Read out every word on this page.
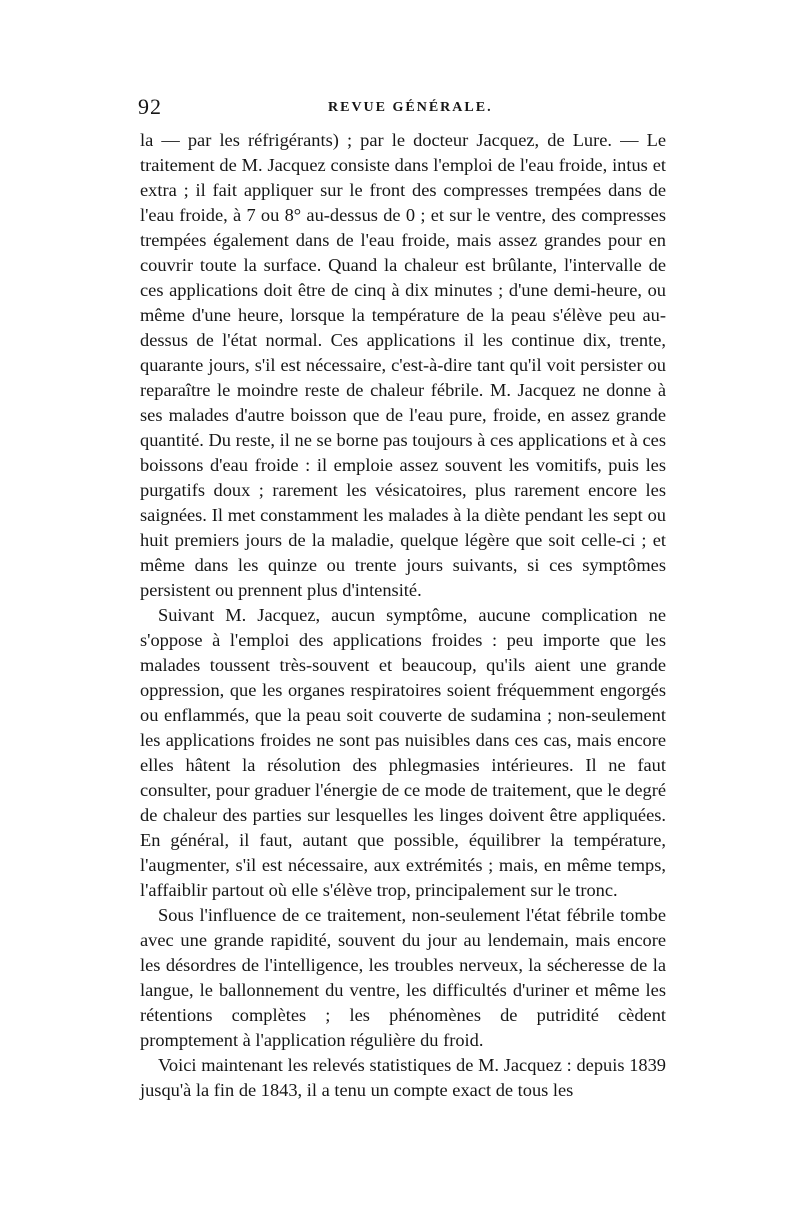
92	REVUE GÉNÉRALE.

la — par les réfrigérants) ; par le docteur Jacquez, de Lure. — Le traitement de M. Jacquez consiste dans l'emploi de l'eau froide, intus et extra ; il fait appliquer sur le front des compresses trempées dans de l'eau froide, à 7 ou 8° au-dessus de 0 ; et sur le ventre, des compresses trempées également dans de l'eau froide, mais assez grandes pour en couvrir toute la surface. Quand la chaleur est brûlante, l'intervalle de ces applications doit être de cinq à dix minutes ; d'une demi-heure, ou même d'une heure, lorsque la température de la peau s'élève peu au-dessus de l'état normal. Ces applications il les continue dix, trente, quarante jours, s'il est nécessaire, c'est-à-dire tant qu'il voit persister ou reparaître le moindre reste de chaleur fébrile. M. Jacquez ne donne à ses malades d'autre boisson que de l'eau pure, froide, en assez grande quantité. Du reste, il ne se borne pas toujours à ces applications et à ces boissons d'eau froide : il emploie assez souvent les vomitifs, puis les purgatifs doux ; rarement les vésicatoires, plus rarement encore les saignées. Il met constamment les malades à la diète pendant les sept ou huit premiers jours de la maladie, quelque légère que soit celle-ci ; et même dans les quinze ou trente jours suivants, si ces symptômes persistent ou prennent plus d'intensité.

Suivant M. Jacquez, aucun symptôme, aucune complication ne s'oppose à l'emploi des applications froides : peu importe que les malades toussent très-souvent et beaucoup, qu'ils aient une grande oppression, que les organes respiratoires soient fréquemment engorgés ou enflammés, que la peau soit couverte de sudamina ; non-seulement les applications froides ne sont pas nuisibles dans ces cas, mais encore elles hâtent la résolution des phlegmasies intérieures. Il ne faut consulter, pour graduer l'énergie de ce mode de traitement, que le degré de chaleur des parties sur lesquelles les linges doivent être appliquées. En général, il faut, autant que possible, équilibrer la température, l'augmenter, s'il est nécessaire, aux extrémités ; mais, en même temps, l'affaiblir partout où elle s'élève trop, principalement sur le tronc.

Sous l'influence de ce traitement, non-seulement l'état fébrile tombe avec une grande rapidité, souvent du jour au lendemain, mais encore les désordres de l'intelligence, les troubles nerveux, la sécheresse de la langue, le ballonnement du ventre, les difficultés d'uriner et même les rétentions complètes ; les phénomènes de putridité cèdent promptement à l'application régulière du froid.

Voici maintenant les relevés statistiques de M. Jacquez : depuis 1839 jusqu'à la fin de 1843, il a tenu un compte exact de tous les
